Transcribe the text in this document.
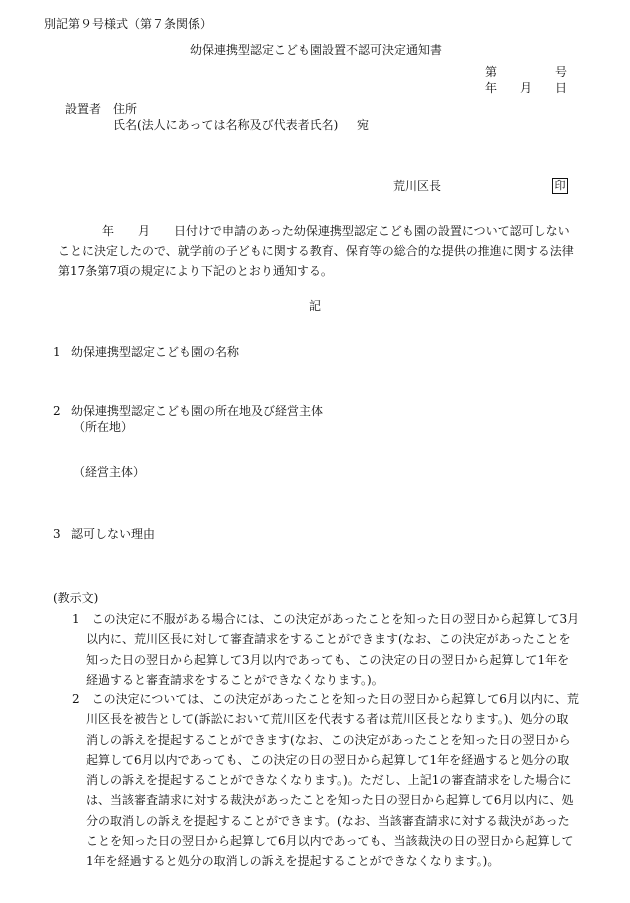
別記第９号様式（第７条関係）
幼保連携型認定こども園設置不認可決定通知書
第	号
年 月 日
設置者 住所
氏名(法人にあっては名称及び代表者氏名) 宛
荒川区長	印

年 月 日付けで申請のあった幼保連携型認定こども園の設置について認可しないことに決定したので、就学前の子どもに関する教育、保育等の総合的な提供の推進に関する法律第17条第7項の規定により下記のとおり通知する。

記
1 幼保連携型認定こども園の名称
2 幼保連携型認定こども園の所在地及び経営主体
（所在地）
（経営主体）
3 認可しない理由
(教示文)

1　この決定に不服がある場合には、この決定があったことを知った日の翌日から起算して3月以内に、荒川区長に対して審査請求をすることができます(なお、この決定があったことを知った日の翌日から起算して3月以内であっても、この決定の日の翌日から起算して1年を経過すると審査請求をすることができなくなります。)。

2　この決定については、この決定があったことを知った日の翌日から起算して6月以内に、荒川区長を被告として(訴訟において荒川区を代表する者は荒川区長となります。)、処分の取消しの訴えを提起することができます(なお、この決定があったことを知った日の翌日から起算して6月以内であっても、この決定の日の翌日から起算して1年を経過すると処分の取消しの訴えを提起することができなくなります。)。ただし、上記1の審査請求をした場合には、当該審査請求に対する裁決があったことを知った日の翌日から起算して6月以内に、処分の取消しの訴えを提起することができます。(なお、当該審査請求に対する裁決があったことを知った日の翌日から起算して6月以内であっても、当該裁決の日の翌日から起算して1年を経過すると処分の取消しの訴えを提起することができなくなります。)。
